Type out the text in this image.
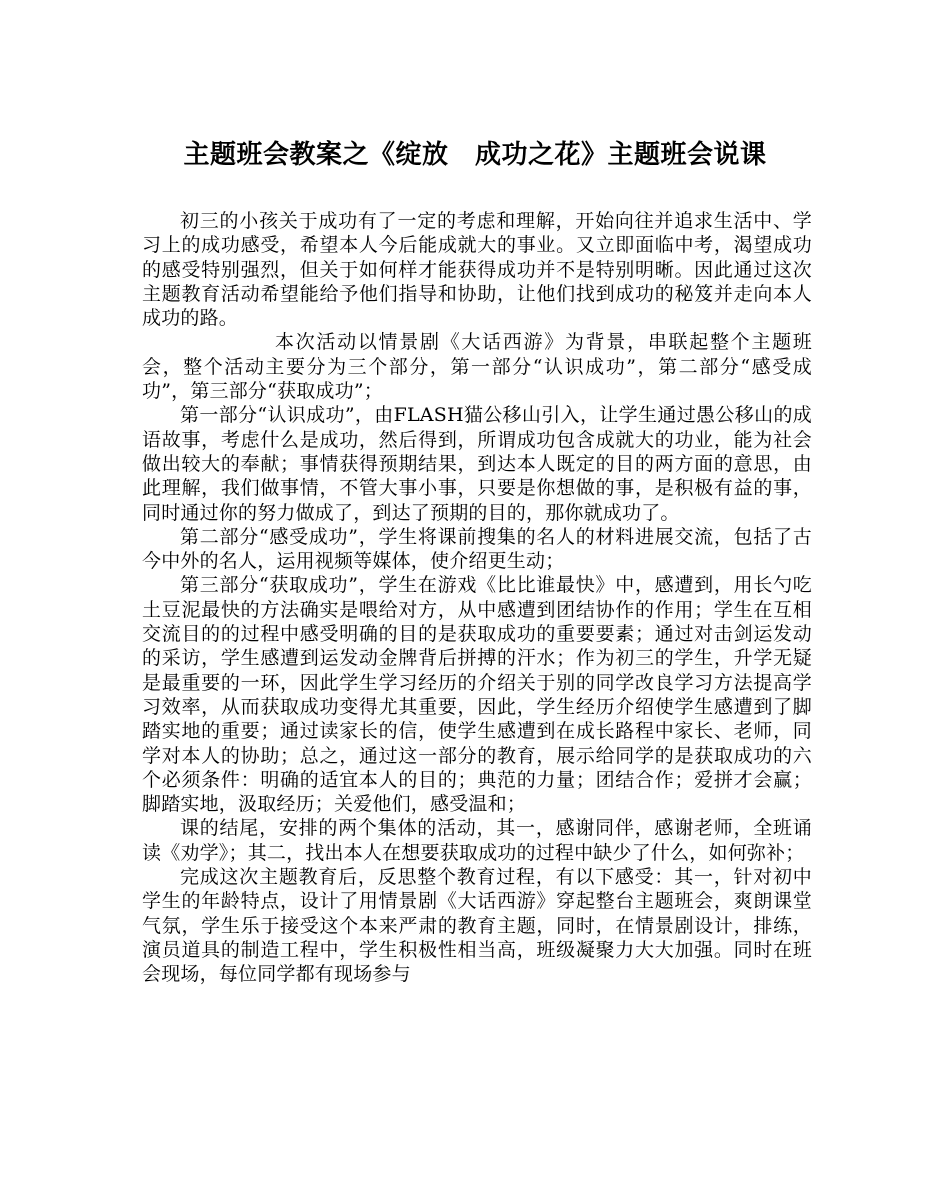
主题班会教案之《绽放　成功之花》主题班会说课

初三的小孩关于成功有了一定的考虑和理解，开始向往并追求生活中、学习上的成功感受，希望本人今后能成就大的事业。又立即面临中考，渴望成功的感受特别强烈，但关于如何样才能获得成功并不是特别明晰。因此通过这次主题教育活动希望能给予他们指导和协助，让他们找到成功的秘笈并走向本人成功的路。

本次活动以情景剧《大话西游》为背景，串联起整个主题班会，整个活动主要分为三个部分，第一部分“认识成功”，第二部分“感受成功”，第三部分“获取成功”；

第一部分“认识成功”，由FLASH猫公移山引入，让学生通过愚公移山的成语故事，考虑什么是成功，然后得到，所谓成功包含成就大的功业，能为社会做出较大的奉献；事情获得预期结果，到达本人既定的目的两方面的意思，由此理解，我们做事情，不管大事小事，只要是你想做的事，是积极有益的事，同时通过你的努力做成了，到达了预期的目的，那你就成功了。

第二部分“感受成功”，学生将课前搜集的名人的材料进展交流，包括了古今中外的名人，运用视频等媒体，使介绍更生动；

第三部分“获取成功”，学生在游戏《比比谁最快》中，感遭到，用长勺吃土豆泥最快的方法确实是喂给对方，从中感遭到团结协作的作用；学生在互相交流目的的过程中感受明确的目的是获取成功的重要要素；通过对击剑运发动的采访，学生感遭到运发动金牌背后拼搏的汗水；作为初三的学生，升学无疑是最重要的一环，因此学生学习经历的介绍关于别的同学改良学习方法提高学习效率，从而获取成功变得尤其重要，因此，学生经历介绍使学生感遭到了脚踏实地的重要；通过读家长的信，使学生感遭到在成长路程中家长、老师，同学对本人的协助；总之，通过这一部分的教育，展示给同学的是获取成功的六个必须条件：明确的适宜本人的目的；典范的力量；团结合作；爱拼才会赢；脚踏实地，汲取经历；关爱他们，感受温和；

课的结尾，安排的两个集体的活动，其一，感谢同伴，感谢老师，全班诵读《劝学》；其二，找出本人在想要获取成功的过程中缺少了什么，如何弥补；

完成这次主题教育后，反思整个教育过程，有以下感受：其一，针对初中学生的年龄特点，设计了用情景剧《大话西游》穿起整台主题班会，爽朗课堂气氛，学生乐于接受这个本来严肃的教育主题，同时，在情景剧设计，排练，演员道具的制造工程中，学生积极性相当高，班级凝聚力大大加强。同时在班会现场，每位同学都有现场参与
